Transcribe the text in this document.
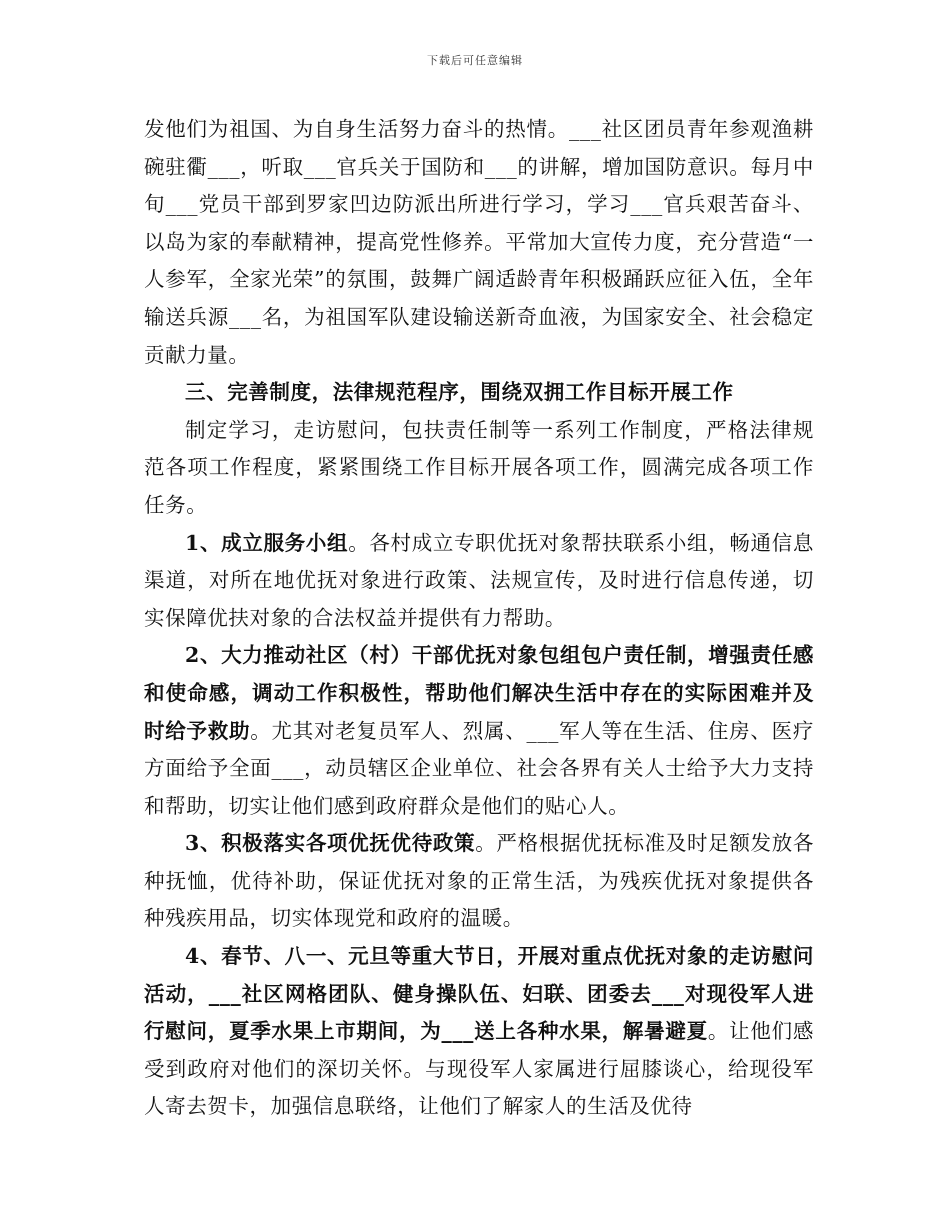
下载后可任意编辑

发他们为祖国、为自身生活努力奋斗的热情。___社区团员青年参观渔耕碗驻衢___，听取___官兵关于国防和___的讲解，增加国防意识。每月中旬___党员干部到罗家凹边防派出所进行学习，学习___官兵艰苦奋斗、以岛为家的奉献精神，提高党性修养。平常加大宣传力度，充分营造“一人参军，全家光荣”的氛围，鼓舞广阔适龄青年积极踊跃应征入伍，全年输送兵源___名，为祖国军队建设输送新奇血液，为国家安全、社会稳定贡献力量。

三、完善制度，法律规范程序，围绕双拥工作目标开展工作

制定学习，走访慰问，包扶责任制等一系列工作制度，严格法律规范各项工作程度，紧紧围绕工作目标开展各项工作，圆满完成各项工作任务。

1、成立服务小组。各村成立专职优抚对象帮扶联系小组，畅通信息渠道，对所在地优抚对象进行政策、法规宣传，及时进行信息传递，切实保障优扶对象的合法权益并提供有力帮助。

2、大力推动社区（村）干部优抚对象包组包户责任制，增强责任感和使命感，调动工作积极性，帮助他们解决生活中存在的实际困难并及时给予救助。尤其对老复员军人、烈属、___军人等在生活、住房、医疗方面给予全面___，动员辖区企业单位、社会各界有关人士给予大力支持和帮助，切实让他们感到政府群众是他们的贴心人。

3、积极落实各项优抚优待政策。严格根据优抚标准及时足额发放各种抚恤，优待补助，保证优抚对象的正常生活，为残疾优抚对象提供各种残疾用品，切实体现党和政府的温暖。

4、春节、八一、元旦等重大节日，开展对重点优抚对象的走访慰问活动，___社区网格团队、健身操队伍、妇联、团委去___对现役军人进行慰问，夏季水果上市期间，为___送上各种水果，解暑避夏。让他们感受到政府对他们的深切关怀。与现役军人家属进行屈膝谈心，给现役军人寄去贺卡，加强信息联络，让他们了解家人的生活及优待
